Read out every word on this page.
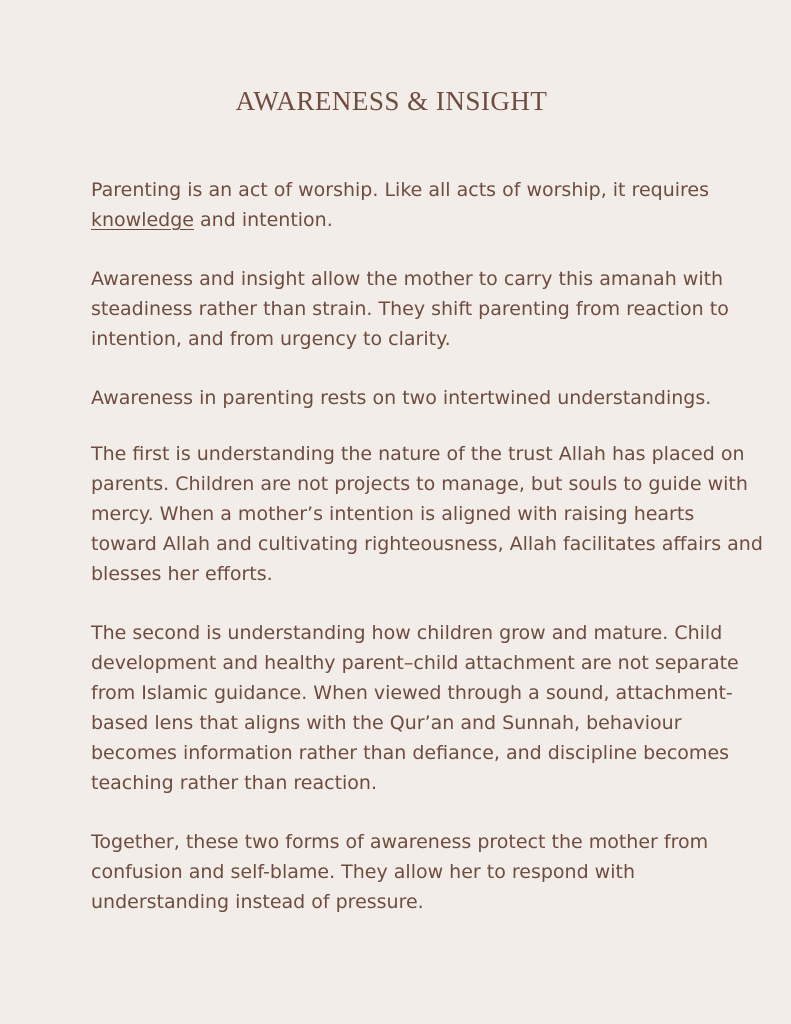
AWARENESS & INSIGHT

Parenting is an act of worship. Like all acts of worship, it requires knowledge and intention.

Awareness and insight allow the mother to carry this amanah with steadiness rather than strain. They shift parenting from reaction to intention, and from urgency to clarity.

Awareness in parenting rests on two intertwined understandings.

The first is understanding the nature of the trust Allah has placed on parents. Children are not projects to manage, but souls to guide with mercy. When a mother’s intention is aligned with raising hearts toward Allah and cultivating righteousness, Allah facilitates affairs and blesses her efforts.

The second is understanding how children grow and mature. Child development and healthy parent–child attachment are not separate from Islamic guidance. When viewed through a sound, attachment-based lens that aligns with the Qur’an and Sunnah, behaviour becomes information rather than defiance, and discipline becomes teaching rather than reaction.

Together, these two forms of awareness protect the mother from confusion and self-blame. They allow her to respond with understanding instead of pressure.
